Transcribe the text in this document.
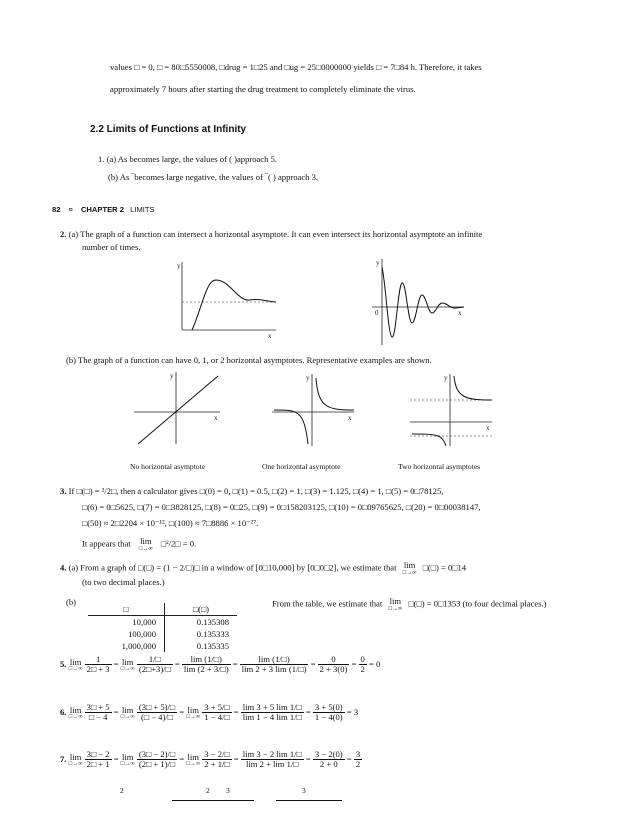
values □ = 0, □ = 80□5550008, □drug = 1□25 and □ug = 25□0000000 yields □ = 7□84 h. Therefore, it takes
approximately 7 hours after starting the drug treatment to completely eliminate the virus.
2.2 Limits of Functions at Infinity
1. (a) As becomes large, the values of ( )approach 5.
(b) As ‾becomes large negative, the values of ‾( ) approach 3.
82 ¤ CHAPTER 2 LIMITS
2. (a) The graph of a function can intersect a horizontal asymptote. It can even intersect its horizontal asymptote an infinite
number of times.
y
x
y
x
0
(b) The graph of a function can have 0, 1, or 2 horizontal asymptotes. Representative examples are shown.
y
x
y
x
y
x
No horizontal asymptote	One horizontal asymptote	Two horizontal asymptotes
3. If □(□) = ²/2□, then a calculator gives □(0) = 0, □(1) = 0.5, □(2) = 1, □(3) = 1.125, □(4) = 1, □(5) = 0□78125,
□(6) = 0□5625, □(7) = 0□3828125, □(8) = 0□25, □(9) = 0□158203125, □(10) = 0□09765625, □(20) = 0□00038147,
□(50) ≈ 2□2204 × 10⁻¹², □(100) ≈ 7□8886 × 10⁻²⁷.
It appears that lim
□→∞
□²/2□ = 0.
4. (a) From a graph of □(□) = (1 − 2/□)□ in a window of [0□10,000] by [0□0□2], we estimate that lim
□→∞
□(□) = 0□14
(to two decimal places.)
(b)	From the table, we estimate that lim
□→∞
□(□) = 0□1353 (to four decimal places.)
□	□(□)
10,000	0.135308
100,000	0.135333
1,000,000	0.135335
5. lim
□→∞
$\frac{1}{2□ + 3} = \lim$
□→∞
$\frac{1/□}{(2□+3)/□} = \frac{\lim (1/□)}{\lim (2 + 3/□)} = \frac{\lim (1/□)}{\lim 2 + 3 \lim (1/□)} = \frac{0}{2 + 3(0)} = \frac{0}{2} = 0$
6. lim
□→∞
$\frac{3□ + 5}{□ - 4} = \lim$
□→∞
$\frac{(3□ + 5)/□}{(□ - 4)/□} = \lim$
□→∞
$\frac{3 + 5/□}{1 - 4/□} = \frac{\lim 3 + 5 \lim 1/□}{\lim 1 - 4 \lim 1/□} = \frac{3 + 5(0)}{1 - 4(0)} = 3$
7. lim
□→∞
$\frac{3□ - 2}{2□ + 1} = \lim$
□→∞
$\frac{(3□ - 2)/□}{(2□ + 1)/□} = \lim$
□→∞
$\frac{3 - 2/□}{2 + 1/□} = \frac{\lim 3 - 2 \lim 1/□}{\lim 2 + \lim 1/□} = \frac{3 - 2(0)}{2 + 0} = \frac{3}{2}$
2	2 3	3
